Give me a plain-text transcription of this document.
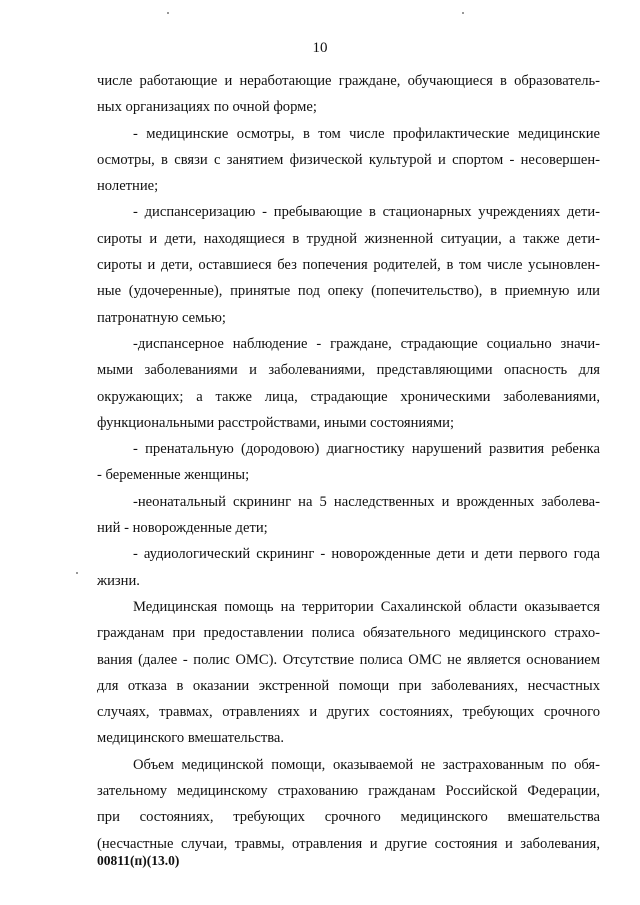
10
числе работающие и неработающие граждане, обучающиеся в образователь-
ных организациях по очной форме;
- медицинские осмотры, в том числе профилактические медицинские
осмотры, в связи с занятием физической культурой и спортом - несовершен-
нолетние;
- диспансеризацию - пребывающие в стационарных учреждениях дети-
сироты и дети, находящиеся в трудной жизненной ситуации, а также дети-
сироты и дети, оставшиеся без попечения родителей, в том числе усыновлен-
ные (удочеренные), принятые под опеку (попечительство), в приемную или
патронатную семью;
-диспансерное наблюдение - граждане, страдающие социально значи-
мыми заболеваниями и заболеваниями, представляющими опасность для
окружающих; а также лица, страдающие хроническими заболеваниями,
функциональными расстройствами, иными состояниями;
- пренатальную (дородовою) диагностику нарушений развития ребенка
- беременные женщины;
-неонатальный скрининг на 5 наследственных и врожденных заболева-
ний - новорожденные дети;
- аудиологический скрининг - новорожденные дети и дети первого года
жизни.
Медицинская помощь на территории Сахалинской области оказывается
гражданам при предоставлении полиса обязательного медицинского страхо-
вания (далее - полис ОМС). Отсутствие полиса ОМС не является основанием
для отказа в оказании экстренной помощи при заболеваниях, несчастных
случаях, травмах, отравлениях и других состояниях, требующих срочного
медицинского вмешательства.
Объем медицинской помощи, оказываемой не застрахованным по обя-
зательному медицинскому страхованию гражданам Российской Федерации,
при состояниях, требующих срочного медицинского вмешательства
(несчастные случаи, травмы, отравления и другие состояния и заболевания,
00811(п)(13.0)
